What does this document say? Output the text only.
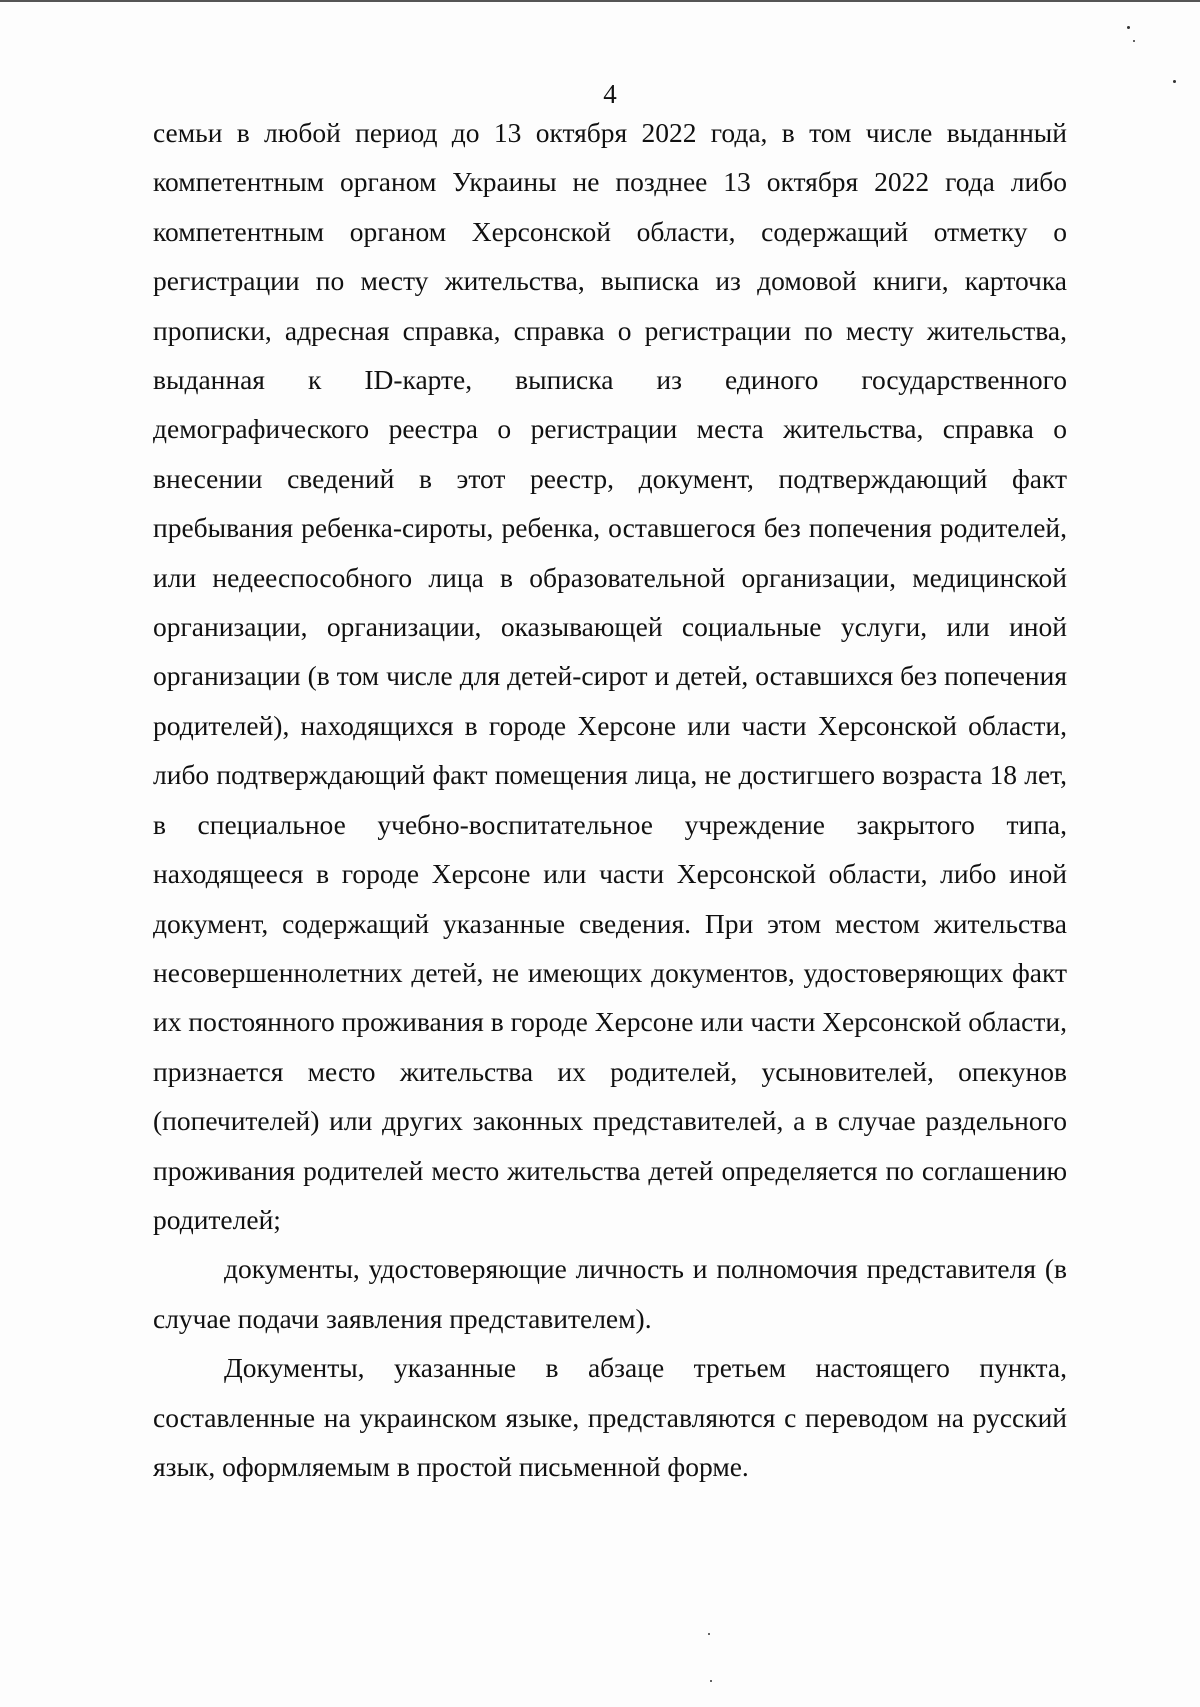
4

семьи в любой период до 13 октября 2022 года, в том числе выданный компетентным органом Украины не позднее 13 октября 2022 года либо компетентным органом Херсонской области, содержащий отметку о регистрации по месту жительства, выписка из домовой книги, карточка прописки, адресная справка, справка о регистрации по месту жительства, выданная к ID-карте, выписка из единого государственного демографического реестра о регистрации места жительства, справка о внесении сведений в этот реестр, документ, подтверждающий факт пребывания ребенка-сироты, ребенка, оставшегося без попечения родителей, или недееспособного лица в образовательной организации, медицинской организации, организации, оказывающей социальные услуги, или иной организации (в том числе для детей-сирот и детей, оставшихся без попечения родителей), находящихся в городе Херсоне или части Херсонской области, либо подтверждающий факт помещения лица, не достигшего возраста 18 лет, в специальное учебно-воспитательное учреждение закрытого типа, находящееся в городе Херсоне или части Херсонской области, либо иной документ, содержащий указанные сведения. При этом местом жительства несовершеннолетних детей, не имеющих документов, удостоверяющих факт их постоянного проживания в городе Херсоне или части Херсонской области, признается место жительства их родителей, усыновителей, опекунов (попечителей) или других законных представителей, а в случае раздельного проживания родителей место жительства детей определяется по соглашению родителей;

документы, удостоверяющие личность и полномочия представителя (в случае подачи заявления представителем).

Документы, указанные в абзаце третьем настоящего пункта, составленные на украинском языке, представляются с переводом на русский язык, оформляемым в простой письменной форме.
